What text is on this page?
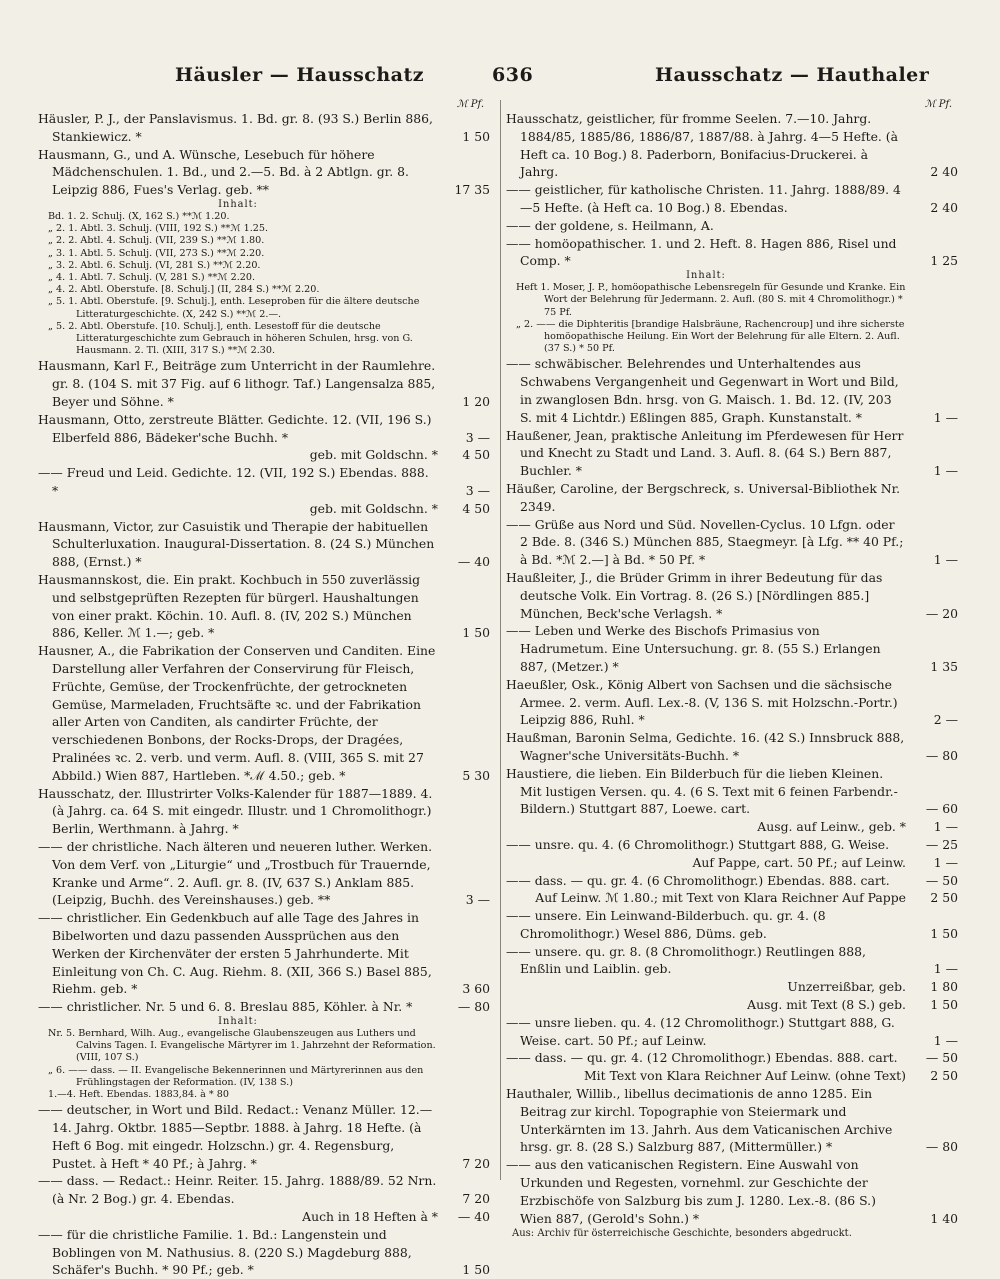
Häusler — Hausschatz	636	Hausschatz — Hauthaler
ℳ Pf.
Häusler, P. J., der Panslavismus. 1. Bd. gr. 8. (93 S.) Berlin 886, Stankiewicz. *	1 50
Hausmann, G., und A. Wünsche, Lesebuch für höhere Mädchenschulen. 1. Bd., und 2.—5. Bd. à 2 Abtlgn. gr. 8. Leipzig 886, Fues's Verlag. geb. **	17 35
Inhalt:
Bd. 1. 2. Schulj. (X, 162 S.) **ℳ 1.20.
„ 2. 1. Abtl. 3. Schulj. (VIII, 192 S.) **ℳ 1.25.
„ 2. 2. Abtl. 4. Schulj. (VII, 239 S.) **ℳ 1.80.
„ 3. 1. Abtl. 5. Schulj. (VII, 273 S.) **ℳ 2.20.
„ 3. 2. Abtl. 6. Schulj. (VI, 281 S.) **ℳ 2.20.
„ 4. 1. Abtl. 7. Schulj. (V, 281 S.) **ℳ 2.20.
„ 4. 2. Abtl. Oberstufe. [8. Schulj.] (II, 284 S.) **ℳ 2.20.
„ 5. 1. Abtl. Oberstufe. [9. Schulj.], enth. Leseproben für die ältere deutsche Litteraturgeschichte. (X, 242 S.) **ℳ 2.—.
„ 5. 2. Abtl. Oberstufe. [10. Schulj.], enth. Lesestoff für die deutsche Litteraturgeschichte zum Gebrauch in höheren Schulen, hrsg. von G. Hausmann. 2. Tl. (XIII, 317 S.) **ℳ 2.30.
Hausmann, Karl F., Beiträge zum Unterricht in der Raumlehre. gr. 8. (104 S. mit 37 Fig. auf 6 lithogr. Taf.) Langensalza 885, Beyer und Söhne. *	1 20
Hausmann, Otto, zerstreute Blätter. Gedichte. 12. (VII, 196 S.) Elberfeld 886, Bädeker'sche Buchh. *	3 —
geb. mit Goldschn. *	4 50
—— Freud und Leid. Gedichte. 12. (VII, 192 S.) Ebendas. 888. *	3 —
geb. mit Goldschn. *	4 50
Hausmann, Victor, zur Casuistik und Therapie der habituellen Schulterluxation. Inaugural-Dissertation. 8. (24 S.) München 888, (Ernst.) *	— 40
Hausmannskost, die. Ein prakt. Kochbuch in 550 zuverlässig und selbstgeprüften Rezepten für bürgerl. Haushaltungen von einer prakt. Köchin. 10. Aufl. 8. (IV, 202 S.) München 886, Keller. ℳ 1.—; geb. *	1 50
Hausner, A., die Fabrikation der Conserven und Canditen. Eine Darstellung aller Verfahren der Conservirung für Fleisch, Früchte, Gemüse, der Trockenfrüchte, der getrockneten Gemüse, Marmeladen, Fruchtsäfte ꝛc. und der Fabrikation aller Arten von Canditen, als candirter Früchte, der verschiedenen Bonbons, der Rocks-Drops, der Dragées, Pralinées ꝛc. 2. verb. und verm. Aufl. 8. (VIII, 365 S. mit 27 Abbild.) Wien 887, Hartleben. *ℳ 4.50.; geb. *	5 30
Hausschatz, der. Illustrirter Volks-Kalender für 1887—1889. 4. (à Jahrg. ca. 64 S. mit eingedr. Illustr. und 1 Chromolithogr.) Berlin, Werthmann. à Jahrg. *
—— der christliche. Nach älteren und neueren luther. Werken. Von dem Verf. von „Liturgie“ und „Trostbuch für Trauernde, Kranke und Arme“. 2. Aufl. gr. 8. (IV, 637 S.) Anklam 885. (Leipzig, Buchh. des Vereinshauses.) geb. **	3 —
—— christlicher. Ein Gedenkbuch auf alle Tage des Jahres in Bibelworten und dazu passenden Aussprüchen aus den Werken der Kirchenväter der ersten 5 Jahrhunderte. Mit Einleitung von Ch. C. Aug. Riehm. 8. (XII, 366 S.) Basel 885, Riehm. geb. *	3 60
—— christlicher. Nr. 5 und 6. 8. Breslau 885, Köhler. à Nr. *	— 80
Inhalt:
Nr. 5. Bernhard, Wilh. Aug., evangelische Glaubenszeugen aus Luthers und Calvins Tagen. I. Evangelische Märtyrer im 1. Jahrzehnt der Reformation. (VIII, 107 S.)
„ 6. —— dass. — II. Evangelische Bekennerinnen und Märtyrerinnen aus den Frühlingstagen der Reformation. (IV, 138 S.)
1.—4. Heft. Ebendas. 1883,84. à * 80
—— deutscher, in Wort und Bild. Redact.: Venanz Müller. 12.—14. Jahrg. Oktbr. 1885—Septbr. 1888. à Jahrg. 18 Hefte. (à Heft 6 Bog. mit eingedr. Holzschn.) gr. 4. Regensburg, Pustet. à Heft * 40 Pf.; à Jahrg. *	7 20
—— dass. — Redact.: Heinr. Reiter. 15. Jahrg. 1888/89. 52 Nrn. (à Nr. 2 Bog.) gr. 4. Ebendas.	7 20
Auch in 18 Heften à *	— 40
—— für die christliche Familie. 1. Bd.: Langenstein und Boblingen von M. Nathusius. 8. (220 S.) Magdeburg 888, Schäfer's Buchh. * 90 Pf.; geb. *	1 50
ℳ Pf.
Hausschatz, geistlicher, für fromme Seelen. 7.—10. Jahrg. 1884/85, 1885/86, 1886/87, 1887/88. à Jahrg. 4—5 Hefte. (à Heft ca. 10 Bog.) 8. Paderborn, Bonifacius-Druckerei. à Jahrg.	2 40
—— geistlicher, für katholische Christen. 11. Jahrg. 1888/89. 4—5 Hefte. (à Heft ca. 10 Bog.) 8. Ebendas.	2 40
—— der goldene, s. Heilmann, A.
—— homöopathischer. 1. und 2. Heft. 8. Hagen 886, Risel und Comp. *	1 25
Inhalt:
Heft 1. Moser, J. P., homöopathische Lebensregeln für Gesunde und Kranke. Ein Wort der Belehrung für Jedermann. 2. Aufl. (80 S. mit 4 Chromolithogr.) * 75 Pf.
„ 2. —— die Diphteritis [brandige Halsbräune, Rachencroup] und ihre sicherste homöopathische Heilung. Ein Wort der Belehrung für alle Eltern. 2. Aufl. (37 S.) * 50 Pf.
—— schwäbischer. Belehrendes und Unterhaltendes aus Schwabens Vergangenheit und Gegenwart in Wort und Bild, in zwanglosen Bdn. hrsg. von G. Maisch. 1. Bd. 12. (IV, 203 S. mit 4 Lichtdr.) Eßlingen 885, Graph. Kunstanstalt. *	1 —
Haußener, Jean, praktische Anleitung im Pferdewesen für Herr und Knecht zu Stadt und Land. 3. Aufl. 8. (64 S.) Bern 887, Buchler. *	1 —
Häußer, Caroline, der Bergschreck, s. Universal-Bibliothek Nr. 2349.
—— Grüße aus Nord und Süd. Novellen-Cyclus. 10 Lfgn. oder 2 Bde. 8. (346 S.) München 885, Staegmeyr. [à Lfg. ** 40 Pf.; à Bd. *ℳ 2.—] à Bd. * 50 Pf. *	1 —
Haußleiter, J., die Brüder Grimm in ihrer Bedeutung für das deutsche Volk. Ein Vortrag. 8. (26 S.) [Nördlingen 885.] München, Beck'sche Verlagsh. *	— 20
—— Leben und Werke des Bischofs Primasius von Hadrumetum. Eine Untersuchung. gr. 8. (55 S.) Erlangen 887, (Metzer.) *	1 35
Haeußler, Osk., König Albert von Sachsen und die sächsische Armee. 2. verm. Aufl. Lex.-8. (V, 136 S. mit Holzschn.-Portr.) Leipzig 886, Ruhl. *	2 —
Haußman, Baronin Selma, Gedichte. 16. (42 S.) Innsbruck 888, Wagner'sche Universitäts-Buchh. *	— 80
Haustiere, die lieben. Ein Bilderbuch für die lieben Kleinen. Mit lustigen Versen. qu. 4. (6 S. Text mit 6 feinen Farbendr.-Bildern.) Stuttgart 887, Loewe. cart.	— 60
Ausg. auf Leinw., geb. *	1 —
—— unsre. qu. 4. (6 Chromolithogr.) Stuttgart 888, G. Weise.	— 25
Auf Pappe, cart. 50 Pf.; auf Leinw.	1 —
—— dass. — qu. gr. 4. (6 Chromolithogr.) Ebendas. 888. cart.	— 50
Auf Leinw. ℳ 1.80.; mit Text von Klara Reichner Auf Pappe	2 50
—— unsere. Ein Leinwand-Bilderbuch. qu. gr. 4. (8 Chromolithogr.) Wesel 886, Düms. geb.	1 50
—— unsere. qu. gr. 8. (8 Chromolithogr.) Reutlingen 888, Enßlin und Laiblin. geb.	1 —
Unzerreißbar, geb.	1 80
Ausg. mit Text (8 S.) geb.	1 50
—— unsre lieben. qu. 4. (12 Chromolithogr.) Stuttgart 888, G. Weise. cart. 50 Pf.; auf Leinw.	1 —
—— dass. — qu. gr. 4. (12 Chromolithogr.) Ebendas. 888. cart.	— 50
Mit Text von Klara Reichner Auf Leinw. (ohne Text)	2 50
Hauthaler, Willib., libellus decimationis de anno 1285. Ein Beitrag zur kirchl. Topographie von Steiermark und Unterkärnten im 13. Jahrh. Aus dem Vaticanischen Archive hrsg. gr. 8. (28 S.) Salzburg 887, (Mittermüller.) *	— 80
—— aus den vaticanischen Registern. Eine Auswahl von Urkunden und Regesten, vornehml. zur Geschichte der Erzbischöfe von Salzburg bis zum J. 1280. Lex.-8. (86 S.) Wien 887, (Gerold's Sohn.) *	1 40
Aus: Archiv für österreichische Geschichte, besonders abgedruckt.
